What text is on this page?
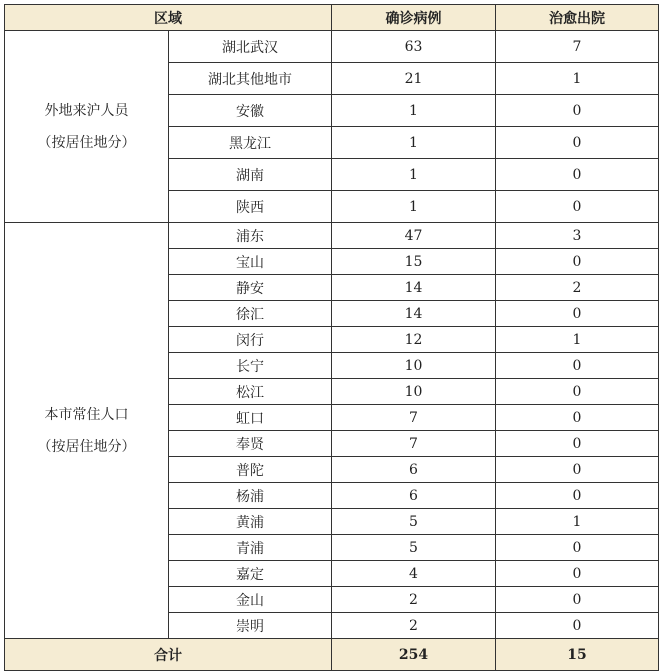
区域		确诊病例	治愈出院

外地来沪人员
（按居住地分）	湖北武汉	63	7
	湖北其他地市	21	1
	安徽	1	0
	黑龙江	1	0
	湖南	1	0
	陕西	1	0

本市常住人口
（按居住地分）	浦东	47	3
	宝山	15	0
	静安	14	2
	徐汇	14	0
	闵行	12	1
	长宁	10	0
	松江	10	0
	虹口	7	0
	奉贤	7	0
	普陀	6	0
	杨浦	6	0
	黄浦	5	1
	青浦	5	0
	嘉定	4	0
	金山	2	0
	崇明	2	0
合计		254	15
